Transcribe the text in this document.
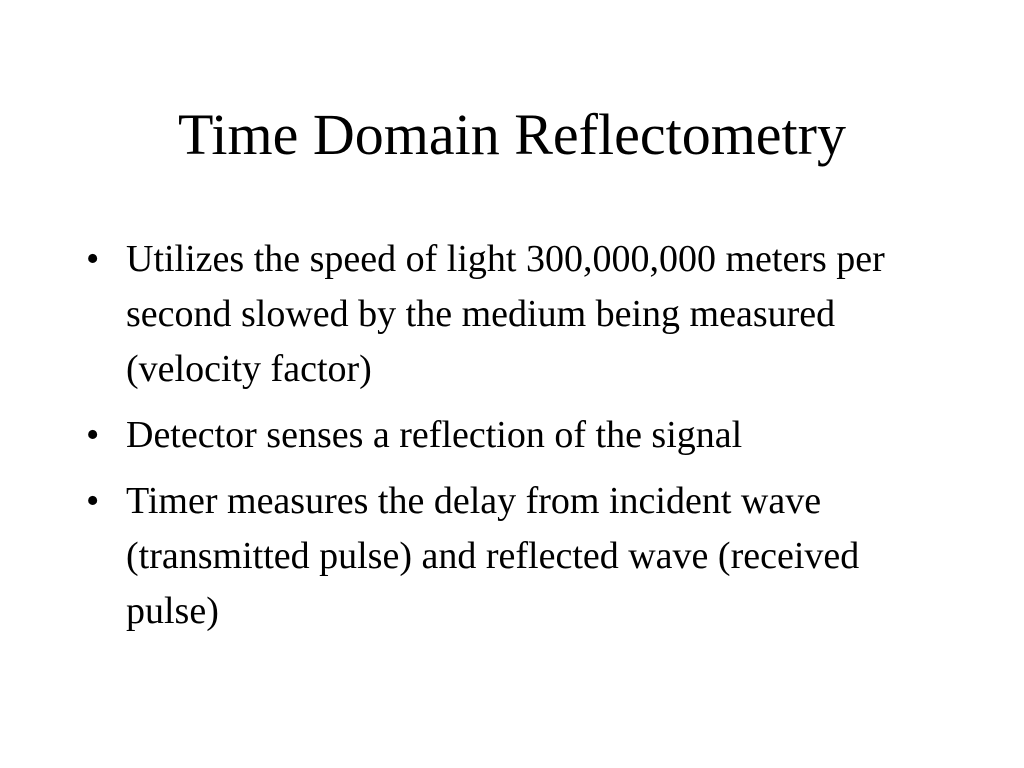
Time Domain Reflectometry
• Utilizes the speed of light 300,000,000 meters per second slowed by the medium being measured (velocity factor)
• Detector senses a reflection of the signal
• Timer measures the delay from incident wave (transmitted pulse) and reflected wave (received pulse)
